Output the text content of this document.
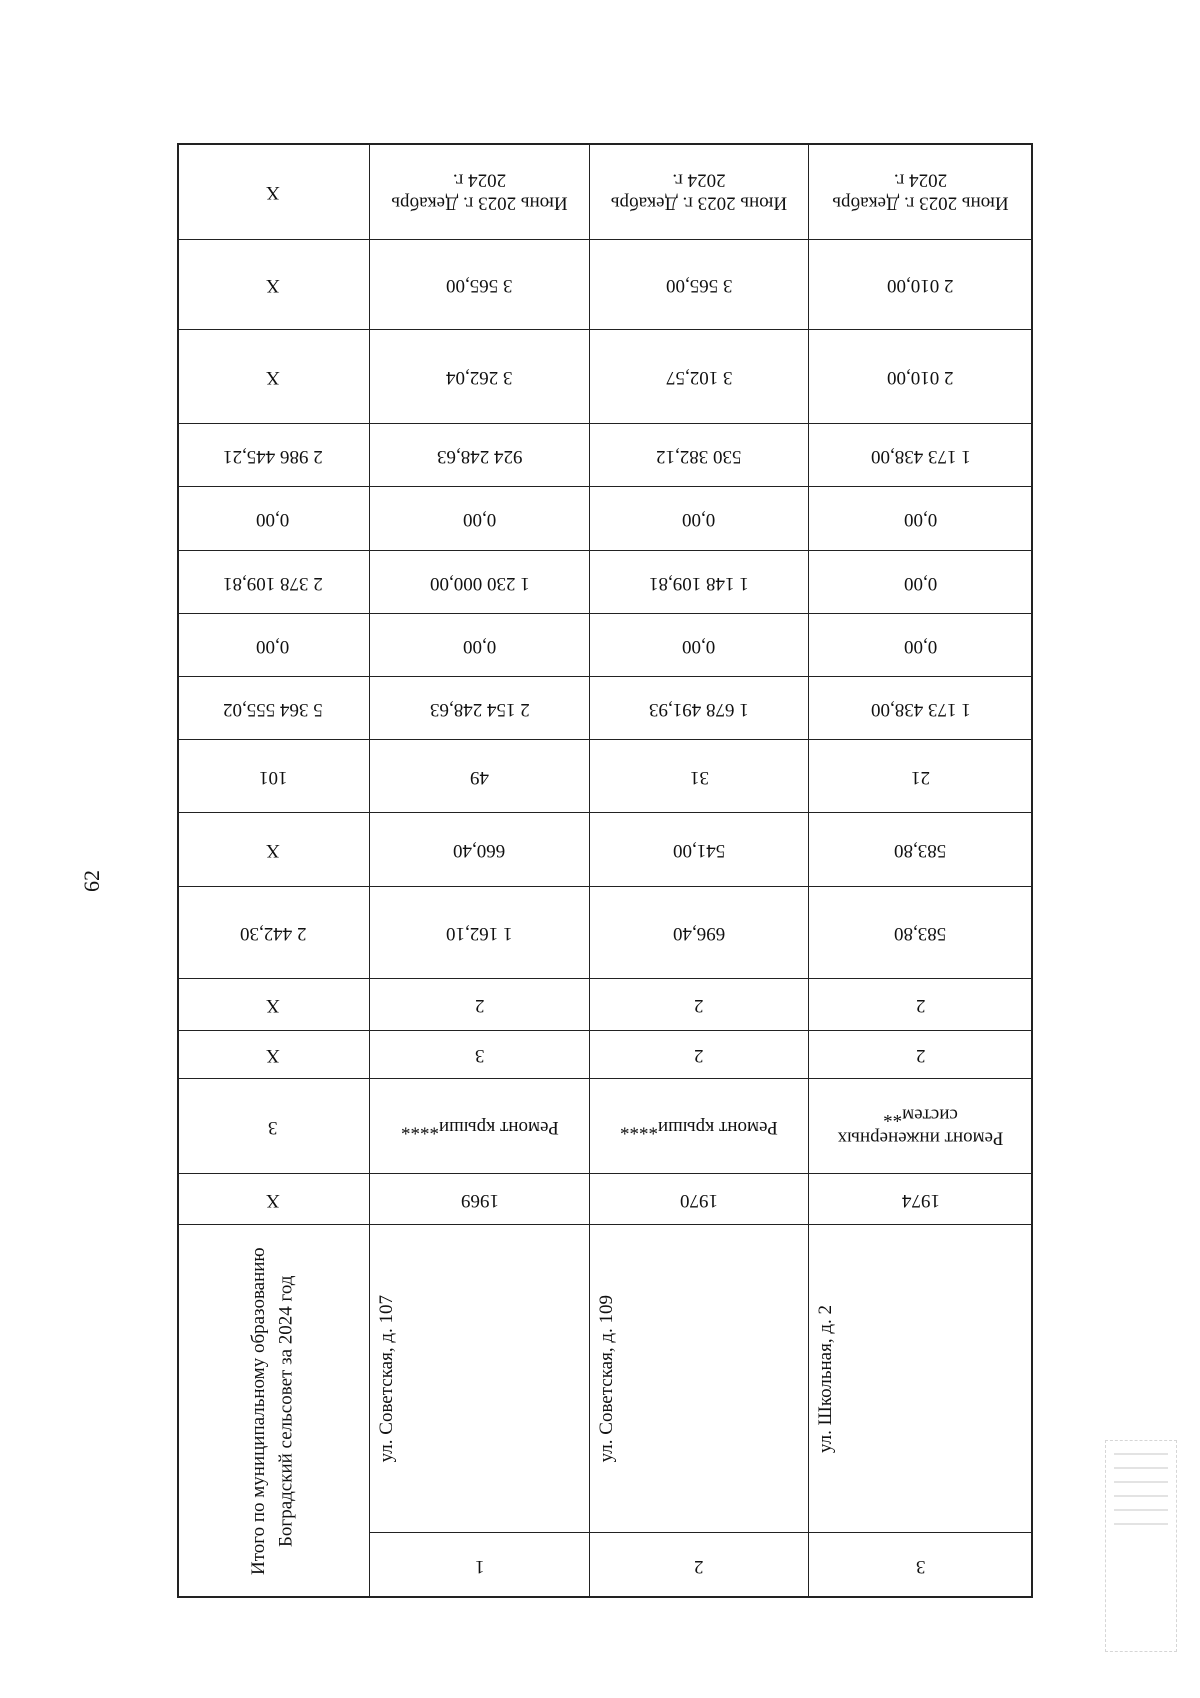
62
X
X
X
2 986 445,21
0,00
2 378 109,81
0,00
5 364 555,02
101
X
2 442,30
X
X
3
X
Итого по муниципальному образованию Боградский сельсовет за 2024 год
Июнь 2023 г. Декабрь 2024 г.
3 565,00
3 262,04
924 248,63
0,00
1 230 000,00
0,00
2 154 248,63
49
660,40
1 162,10
2
3
Ремонт крыши****
1969
ул. Советская, д. 107
1
Июнь 2023 г. Декабрь 2024 г.
3 565,00
3 102,57
530 382,12
0,00
1 148 109,81
0,00
1 678 491,93
31
541,00
696,40
2
2
Ремонт крыши****
1970
ул. Советская, д. 109
2
Июнь 2023 г. Декабрь 2024 г.
2 010,00
2 010,00
1 173 438,00
0,00
0,00
0,00
1 173 438,00
21
583,80
583,80
2
2
Ремонт инженерных систем**
1974
ул. Школьная, д. 2
3
